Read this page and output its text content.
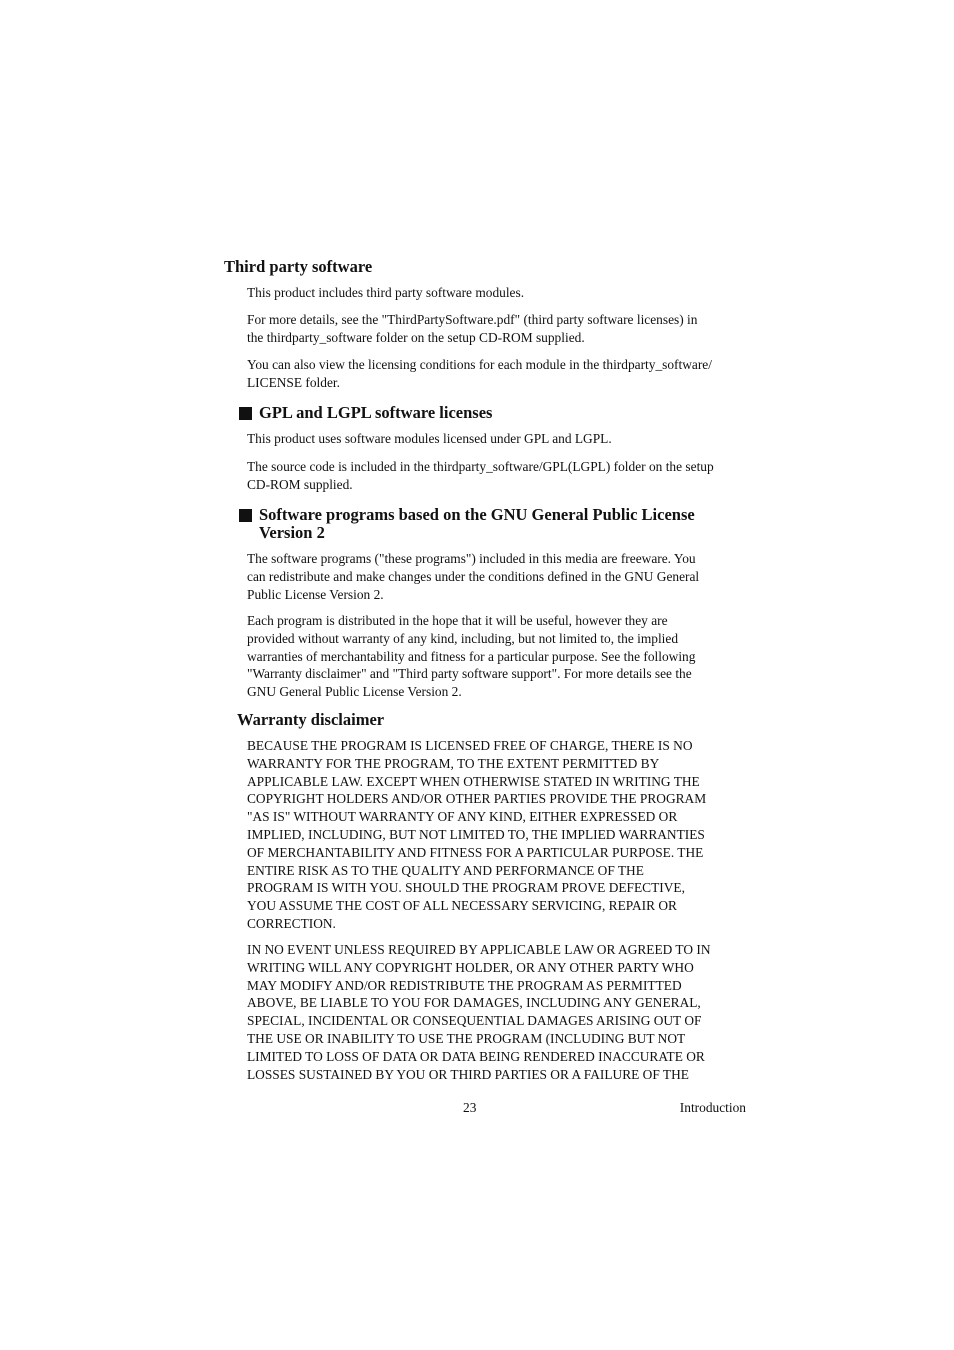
Third party software

This product includes third party software modules.

For more details, see the "ThirdPartySoftware.pdf" (third party software licenses) in
the thirdparty_software folder on the setup CD-ROM supplied.

You can also view the licensing conditions for each module in the thirdparty_software/
LICENSE folder.

GPL and LGPL software licenses

This product uses software modules licensed under GPL and LGPL.

The source code is included in the thirdparty_software/GPL(LGPL) folder on the setup
CD-ROM supplied.

Software programs based on the GNU General Public License
Version 2

The software programs ("these programs") included in this media are freeware. You
can redistribute and make changes under the conditions defined in the GNU General
Public License Version 2.

Each program is distributed in the hope that it will be useful, however they are
provided without warranty of any kind, including, but not limited to, the implied
warranties of merchantability and fitness for a particular purpose. See the following
"Warranty disclaimer" and "Third party software support". For more details see the
GNU General Public License Version 2.

Warranty disclaimer

BECAUSE THE PROGRAM IS LICENSED FREE OF CHARGE, THERE IS NO
WARRANTY FOR THE PROGRAM, TO THE EXTENT PERMITTED BY
APPLICABLE LAW. EXCEPT WHEN OTHERWISE STATED IN WRITING THE
COPYRIGHT HOLDERS AND/OR OTHER PARTIES PROVIDE THE PROGRAM
"AS IS" WITHOUT WARRANTY OF ANY KIND, EITHER EXPRESSED OR
IMPLIED, INCLUDING, BUT NOT LIMITED TO, THE IMPLIED WARRANTIES
OF MERCHANTABILITY AND FITNESS FOR A PARTICULAR PURPOSE. THE
ENTIRE RISK AS TO THE QUALITY AND PERFORMANCE OF THE
PROGRAM IS WITH YOU. SHOULD THE PROGRAM PROVE DEFECTIVE,
YOU ASSUME THE COST OF ALL NECESSARY SERVICING, REPAIR OR
CORRECTION.

IN NO EVENT UNLESS REQUIRED BY APPLICABLE LAW OR AGREED TO IN
WRITING WILL ANY COPYRIGHT HOLDER, OR ANY OTHER PARTY WHO
MAY MODIFY AND/OR REDISTRIBUTE THE PROGRAM AS PERMITTED
ABOVE, BE LIABLE TO YOU FOR DAMAGES, INCLUDING ANY GENERAL,
SPECIAL, INCIDENTAL OR CONSEQUENTIAL DAMAGES ARISING OUT OF
THE USE OR INABILITY TO USE THE PROGRAM (INCLUDING BUT NOT
LIMITED TO LOSS OF DATA OR DATA BEING RENDERED INACCURATE OR
LOSSES SUSTAINED BY YOU OR THIRD PARTIES OR A FAILURE OF THE

23	Introduction
